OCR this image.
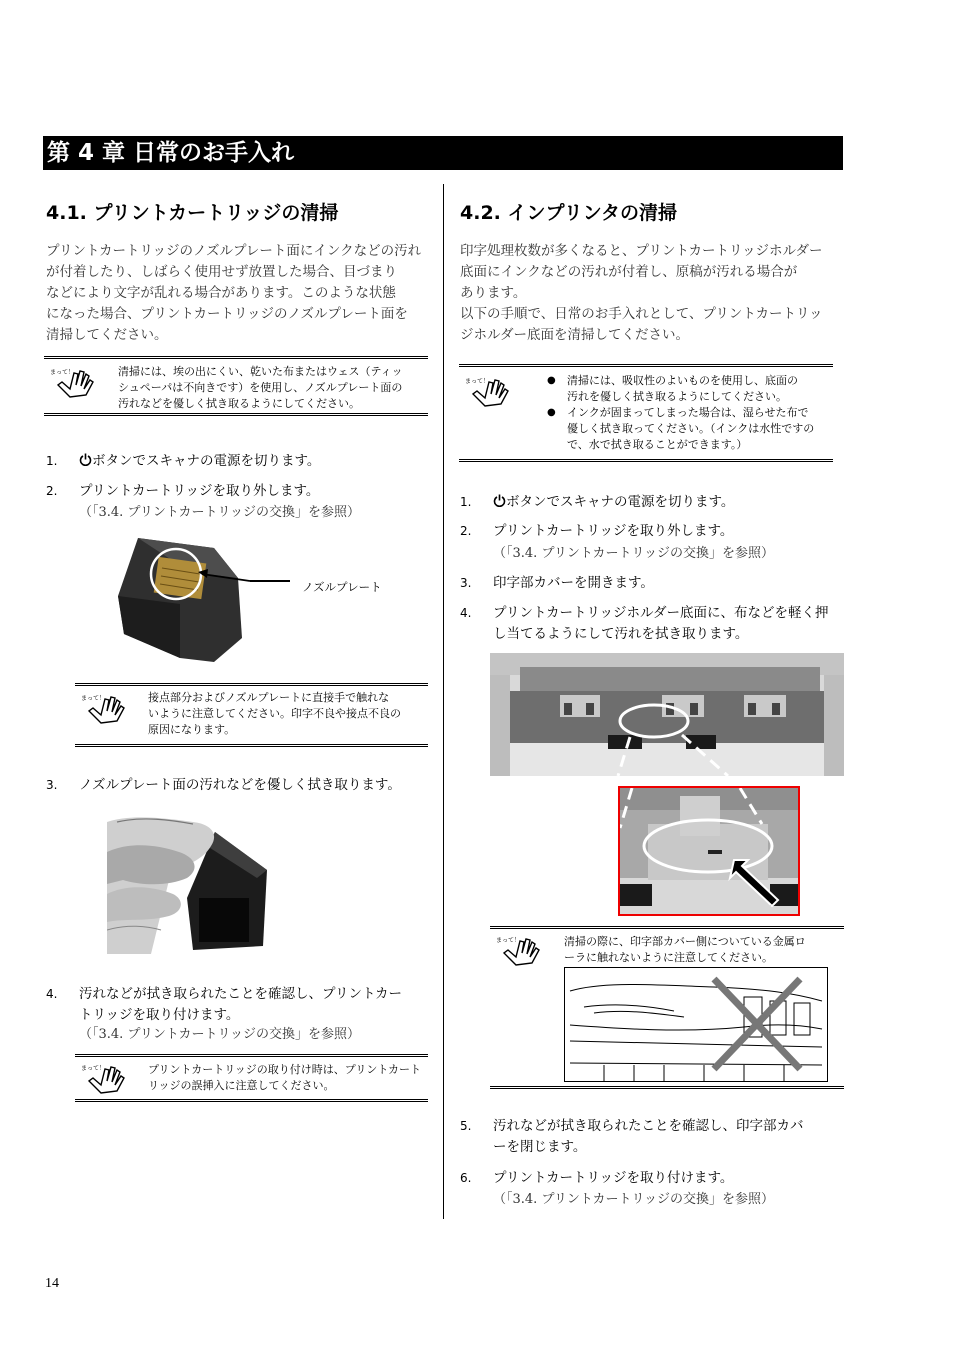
第 4 章 日常のお手入れ
4.1. プリントカートリッジの清掃
プリントカートリッジのノズルプレート面にインクなどの汚れ
が付着したり、しばらく使用せず放置した場合、目づまり
などにより文字が乱れる場合があります。このような状態
になった場合、プリントカートリッジのノズルプレート面を
清掃してください。
まって！	清掃には、埃の出にくい、乾いた布またはウェス（ティッ
シュペーパは不向きです）を使用し、ノズルプレート面の
汚れなどを優しく拭き取るようにしてください。
1.	ボタンでスキャナの電源を切ります。
2. プリントカートリッジを取り外します。
（「3.4. プリントカートリッジの交換」を参照）
ノズルプレート
まって！	接点部分およびノズルプレートに直接手で触れな
いように注意してください。印字不良や接点不良の
原因になります。
3. ノズルプレート面の汚れなどを優しく拭き取ります。
4. 汚れなどが拭き取られたことを確認し、プリントカー
トリッジを取り付けます。
（「3.4. プリントカートリッジの交換」を参照）
まって！	プリントカートリッジの取り付け時は、プリントカート
リッジの誤挿入に注意してください。
4.2. インプリンタの清掃
印字処理枚数が多くなると、プリントカートリッジホルダー
底面にインクなどの汚れが付着し、原稿が汚れる場合が
あります。
以下の手順で、日常のお手入れとして、プリントカートリッ
ジホルダー底面を清掃してください。
まって！
●	清掃には、吸収性のよいものを使用し、底面の
汚れを優しく拭き取るようにしてください。
● インクが固まってしまった場合は、湿らせた布で
優しく拭き取ってください。（インクは水性ですの
で、水で拭き取ることができます。）
1.	ボタンでスキャナの電源を切ります。
2. プリントカートリッジを取り外します。
（「3.4. プリントカートリッジの交換」を参照）
3. 印字部カバーを開きます。
4. プリントカートリッジホルダー底面に、布などを軽く押
し当てるようにして汚れを拭き取ります。
まって！	清掃の際に、印字部カバー側についている金属ロ
ーラに触れないように注意してください。
5. 汚れなどが拭き取られたことを確認し、印字部カバ
ーを閉じます。
6. プリントカートリッジを取り付けます。
（「3.4. プリントカートリッジの交換」を参照）
14
